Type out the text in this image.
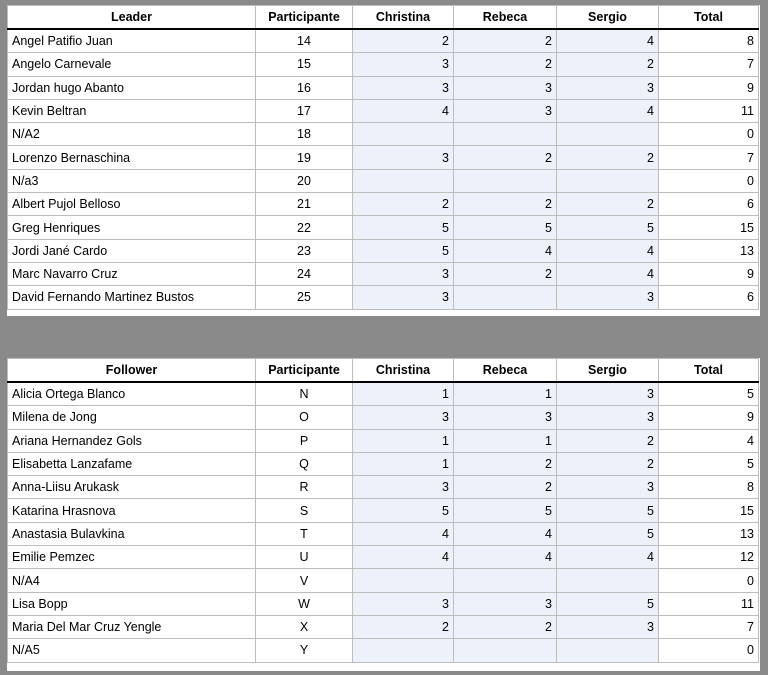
Leader	Participante	Christina	Rebeca	Sergio	Total
Angel Patifio Juan	14	2	2	4	8
Angelo Carnevale	15	3	2	2	7
Jordan hugo Abanto	16	3	3	3	9
Kevin Beltran	17	4	3	4	11
N/A2	18				0
Lorenzo Bernaschina	19	3	2	2	7
N/a3	20				0
Albert Pujol Belloso	21	2	2	2	6
Greg Henriques	22	5	5	5	15
Jordi Jané Cardo	23	5	4	4	13
Marc Navarro Cruz	24	3	2	4	9
David Fernando Martinez Bustos	25	3		3	6
Follower	Participante	Christina	Rebeca	Sergio	Total
Alicia Ortega Blanco	N	1	1	3	5
Milena de Jong	O	3	3	3	9
Ariana Hernandez Gols	P	1	1	2	4
Elisabetta Lanzafame	Q	1	2	2	5
Anna-Liisu Arukask	R	3	2	3	8
Katarina Hrasnova	S	5	5	5	15
Anastasia Bulavkina	T	4	4	5	13
Emilie Pemzec	U	4	4	4	12
N/A4	V				0
Lisa Bopp	W	3	3	5	11
Maria Del Mar Cruz Yengle	X	2	2	3	7
N/A5	Y				0
